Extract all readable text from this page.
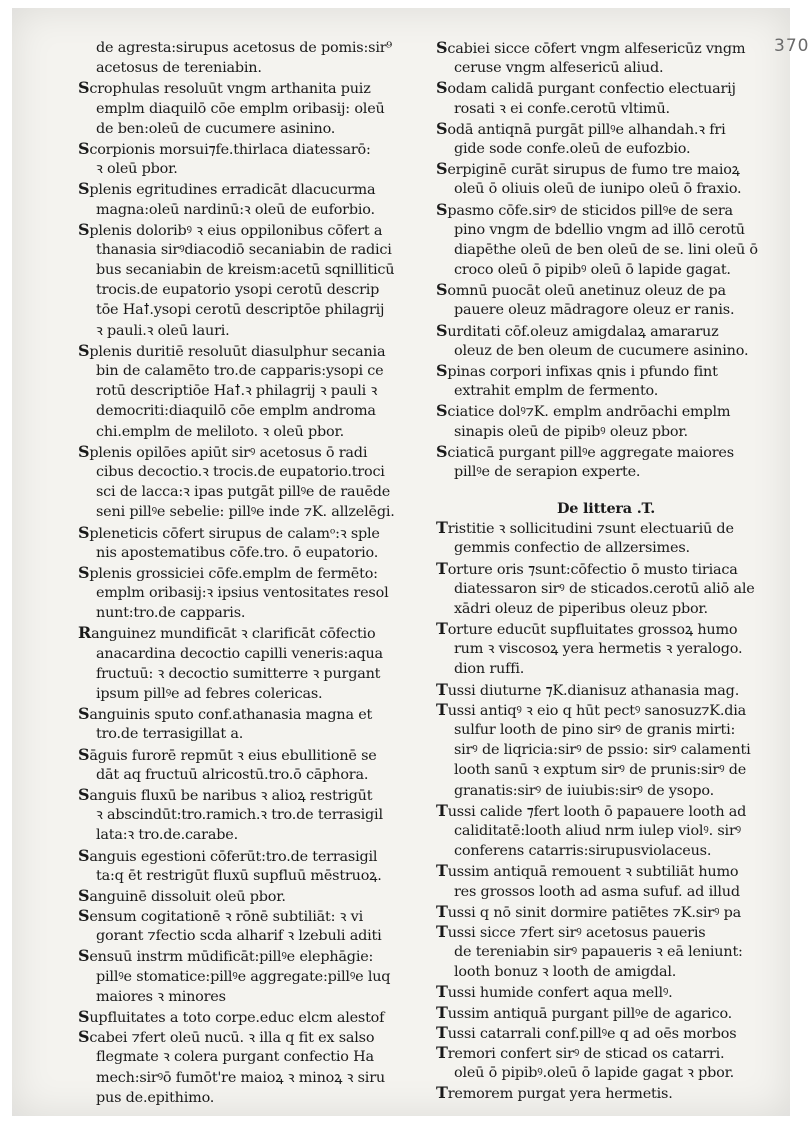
370
de agresta:sirupus acetosus de pomis:sir⁹
acetosus de tereniabin.
Scrophulas resoluūt vngm arthanita puiz
emplm diaquilō cōe emplm oribasij: oleū
de ben:oleū de cucumere asinino.
Scorpionis morsui⁊fe.thirlaca diatessarō:
ꝛ oleū pbor.
Splenis egritudines erradicāt dlacucurma
magna:oleū nardinū:ꝛ oleū de euforbio.
Splenis doloribꝰ ꝛ eius oppilonibus cōfert a
thanasia sirꝰdiacodiō secaniabin de radici
bus secaniabin de kreism:acetū sqnilliticū
trocis.de eupatorio ysopi cerotū descrip
tōe Haꝉ.ysopi cerotū descriptōe philagrij
ꝛ pauli.ꝛ oleū lauri.
Splenis duritiē resoluūt diasulphur secania
bin de calamēto tro.de capparis:ysopi ce
rotū descriptiōe Haꝉ.ꝛ philagrij ꝛ pauli ꝛ
democriti:diaquilō cōe emplm androma
chi.emplm de meliloto. ꝛ oleū pbor.
Splenis opilōes apiūt sirꝰ acetosus ō radi
cibus decoctio.ꝛ trocis.de eupatorio.troci
sci de lacca:ꝛ ipas putgāt pillꝰe de rauēde
seni pillꝰe sebelie: pillꝰe inde ⁊K. allzelēgi.
Spleneticis cōfert sirupus de calamᵒ:ꝛ sple
nis apostematibus cōfe.tro. ō eupatorio.
Splenis grossiciei cōfe.emplm de fermēto:
emplm oribasij:ꝛ ipsius ventositates resol
nunt:tro.de capparis.
Ranguinez mundificāt ꝛ clarificāt cōfectio
anacardina decoctio capilli veneris:aqua
fructuū: ꝛ decoctio sumitterre ꝛ purgant
ipsum pillꝰe ad febres colericas.
Sanguinis sputo conf.athanasia magna et
tro.de terrasigillat a.
Sāguis furorē repmūt ꝛ eius ebullitionē se
dāt aq fructuū alricostū.tro.ō cāphora.
Sanguis fluxū be naribus ꝛ alioꝝ restrigūt
ꝛ abscindūt:tro.ramich.ꝛ tro.de terrasigil
lata:ꝛ tro.de.carabe.
Sanguis egestioni cōferūt:tro.de terrasigil
ta:q ēt restrigūt fluxū supfluū mēstruoꝝ.
Sanguinē dissoluit oleū pbor.
Sensum cogitationē ꝛ rōnē subtiliāt: ꝛ vi
gorant ⁊fectio scda alharif ꝛ lzebuli aditi
Sensuū instrm mūdificāt:pillꝰe elephāgie:
pillꝰe stomatice:pillꝰe aggregate:pillꝰe luq
maiores ꝛ minores
Supfluitates a toto corpe.educ elcm alestof
Scabei ⁊fert oleū nucū. ꝛ illa q fit ex salso
flegmate ꝛ colera purgant confectio Ha
mech:sirꝰō fumōt're maioꝝ ꝛ minoꝝ ꝛ siru
pus de.epithimo.
Scabiei sicce cōfert vngm alfesericūz vngm
ceruse vngm alfesericū aliud.
Sodam calidā purgant confectio electuarij
rosati ꝛ ei confe.cerotū vltimū.
Sodā antiqnā purgāt pillꝰe alhandah.ꝛ fri
gide sode confe.oleū de eufozbio.
Serpiginē curāt sirupus de fumo tre maioꝝ
oleū ō oliuis oleū de iunipo oleū ō fraxio.
Spasmo cōfe.sirꝰ de sticidos pillꝰe de sera
pino vngm de bdellio vngm ad illō cerotū
diapēthe oleū de ben oleū de se. lini oleū ō
croco oleū ō pipibꝰ oleū ō lapide gagat.
Somnū puocāt oleū anetinuz oleuz de pa
pauere oleuz mādragore oleuz er ranis.
Surditati cōf.oleuz amigdalaꝝ amararuz
oleuz de ben oleum de cucumere asinino.
Spinas corpori infixas qnis i pfundo fint
extrahit emplm de fermento.
Sciatice dolꝰ⁊K. emplm andrōachi emplm
sinapis oleū de pipibꝰ oleuz pbor.
Sciaticā purgant pillꝰe aggregate maiores
pillꝰe de serapion experte.
De littera .T.
Tristitie ꝛ sollicitudini ⁊sunt electuariū de
gemmis confectio de allzersimes.
Torture oris ⁊sunt:cōfectio ō musto tiriaca
diatessaron sirꝰ de sticados.cerotū aliō ale
xādri oleuz de piperibus oleuz pbor.
Torture educūt supfluitates grossoꝝ humo
rum ꝛ viscosoꝝ yera hermetis ꝛ yeralogo.
dion ruffi.
Tussi diuturne ⁊K.dianisuz athanasia mag.
Tussi antiqꝰ ꝛ eio q hūt pectꝰ sanosuz⁊K.dia
sulfur looth de pino sirꝰ de granis mirti:
sirꝰ de liqricia:sirꝰ de pssio: sirꝰ calamenti
looth sanū ꝛ exptum sirꝰ de prunis:sirꝰ de
granatis:sirꝰ de iuiubis:sirꝰ de ysopo.
Tussi calide ⁊fert looth ō papauere looth ad
caliditatē:looth aliud nrm iulep violꝰ. sirꝰ
conferens catarris:sirupusviolaceus.
Tussim antiquā remouent ꝛ subtiliāt humo
res grossos looth ad asma sufuf. ad illud
Tussi q nō sinit dormire patiētes ⁊K.sirꝰ pa
Tussi sicce ⁊fert sirꝰ acetosus paueris
de tereniabin sirꝰ papaueris ꝛ eā leniunt:
looth bonuz ꝛ looth de amigdal.
Tussi humide confert aqua mellꝰ.
Tussim antiquā purgant pillꝰe de agarico.
Tussi catarrali conf.pillꝰe q ad oēs morbos
Tremori confert sirꝰ de sticad os catarri.
oleū ō pipibꝰ.oleū ō lapide gagat ꝛ pbor.
Tremorem purgat yera hermetis.
